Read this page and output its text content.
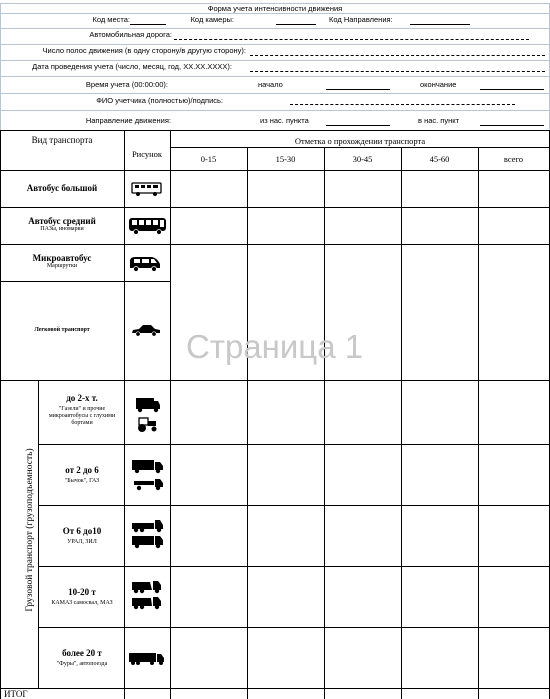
Форма учета интенсивности движения
Код места:	Код камеры:	Код Направления:
Автомобильная дорога:
Число полос движения (в одну сторону/в другую сторону):
Дата проведения учета (число, месяц, год, XX.XX.XXXX):
Время учета (00:00:00):	начало	окончание
ФИО учетчика (полностью)/подпись:
Направление движения:	из нас. пункта	в нас. пункт
Вид транспорта
Рисунок
Отметка о прохождении транспорта
0-15	15-30	30-45	45-60	всего
Автобус большой
Автобус средний
ПАЗы, иномарки
Микроавтобус
Маршрутки
Легковой транспорт
Грузовой транспорт (грузоподъемность)
до 2-х т.
"Газели" и прочие микроавтобусы с глухими бортами
от 2 до 6
"Бычок", ГАЗ
От 6 до10
УРАЛ, ЗИЛ
10-20 т
КАМАЗ самосвал, МАЗ
более 20 т
"Фуры", автопоезда
ИТОГ
Страница 1
